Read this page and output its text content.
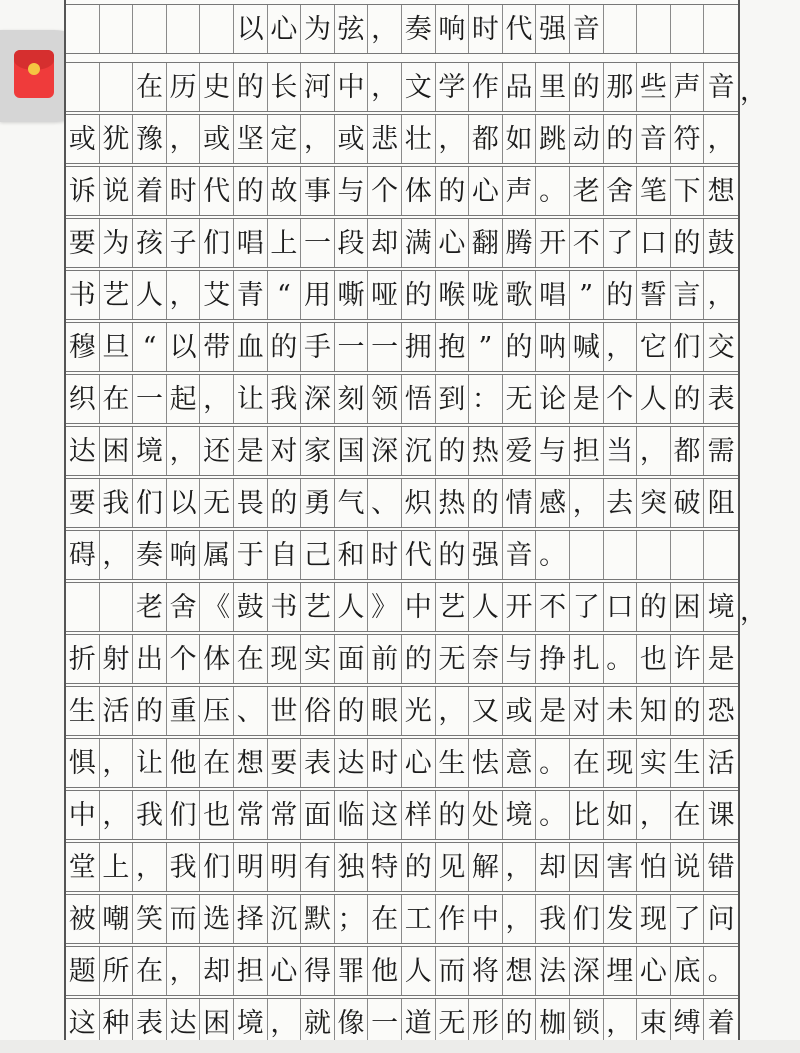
以 心 为 弦 ， 奏 响 时 代 强 音
在 历 史 的 长 河 中 ， 文 学 作 品 里 的 那 些 声 音
或 犹 豫 ， 或 坚 定 ， 或 悲 壮 ， 都 如 跳 动 的 音 符 ，
诉 说 着 时 代 的 故 事 与 个 体 的 心 声 。 老 舍 笔 下 想
要 为 孩 子 们 唱 上 一 段 却 满 心 翻 腾 开 不 了 口 的 鼓
书 艺 人 ， 艾 青 “ 用 嘶 哑 的 喉 咙 歌 唱 ” 的 誓 言 ，
穆 旦 “ 以 带 血 的 手 一 一 拥 抱 ” 的 呐 喊 ， 它 们 交
织 在 一 起 ， 让 我 深 刻 领 悟 到 ： 无 论 是 个 人 的 表
达 困 境 ， 还 是 对 家 国 深 沉 的 热 爱 与 担 当 ， 都 需
要 我 们 以 无 畏 的 勇 气 、 炽 热 的 情 感 ， 去 突 破 阻
碍 ， 奏 响 属 于 自 己 和 时 代 的 强 音 。
老 舍 《 鼓 书 艺 人 》 中 艺 人 开 不 了 口 的 困 境
折 射 出 个 体 在 现 实 面 前 的 无 奈 与 挣 扎 。 也 许 是
生 活 的 重 压 、 世 俗 的 眼 光 ， 又 或 是 对 未 知 的 恐
惧 ， 让 他 在 想 要 表 达 时 心 生 怯 意 。 在 现 实 生 活
中 ， 我 们 也 常 常 面 临 这 样 的 处 境 。 比 如 ， 在 课
堂 上 ， 我 们 明 明 有 独 特 的 见 解 ， 却 因 害 怕 说 错
被 嘲 笑 而 选 择 沉 默 ； 在 工 作 中 ， 我 们 发 现 了 问
题 所 在 ， 却 担 心 得 罪 他 人 而 将 想 法 深 埋 心 底 。
这 种 表 达 困 境 ， 就 像 一 道 无 形 的 枷 锁 ， 束 缚 着
，
，
